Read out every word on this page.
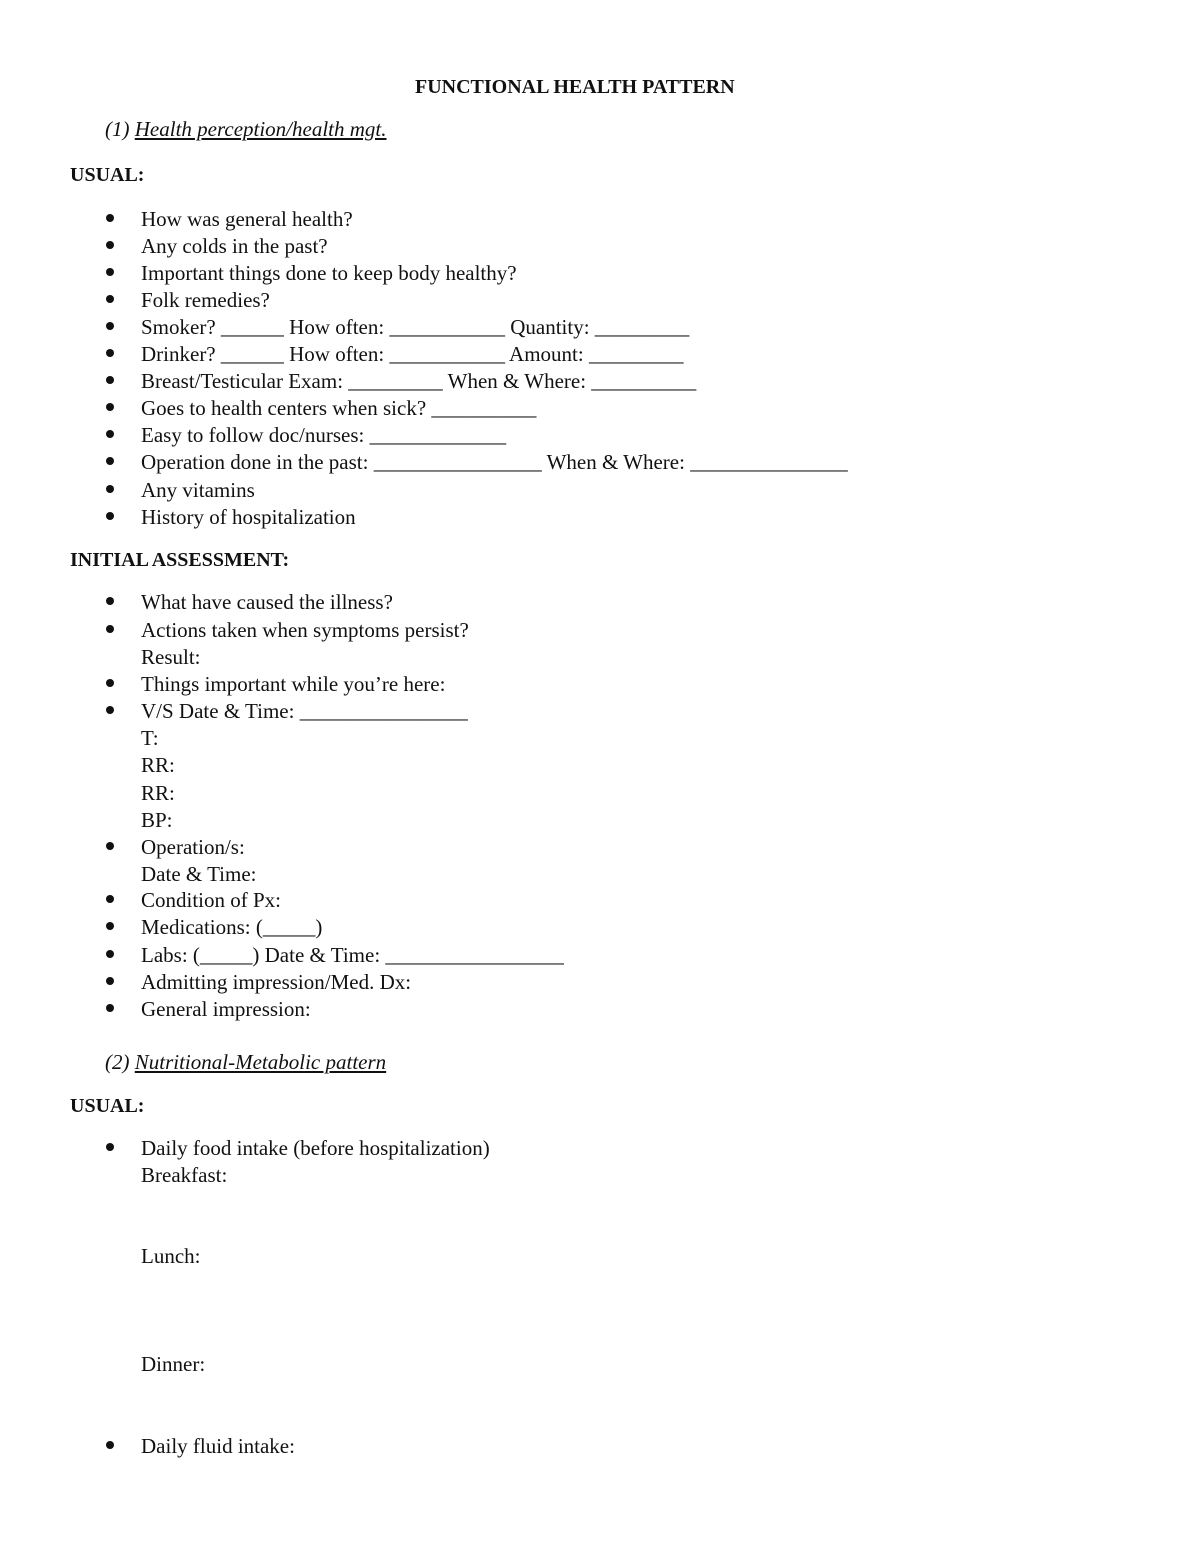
FUNCTIONAL HEALTH PATTERN
(1) Health perception/health mgt.
USUAL:
How was general health?
Any colds in the past?
Important things done to keep body healthy?
Folk remedies?
Smoker? ______ How often: ___________ Quantity: _________
Drinker? ______ How often: ___________ Amount: _________
Breast/Testicular Exam: _________ When & Where: __________
Goes to health centers when sick? __________
Easy to follow doc/nurses: _____________
Operation done in the past: ________________ When & Where: _______________
Any vitamins
History of hospitalization
INITIAL ASSESSMENT:
What have caused the illness?
Actions taken when symptoms persist?
Result:
Things important while you’re here:
V/S Date & Time: ________________
T:
RR:
RR:
BP:
Operation/s:
Date & Time:
Condition of Px:
Medications: (_____)
Labs: (_____) Date & Time: _________________
Admitting impression/Med. Dx:
General impression:
(2) Nutritional-Metabolic pattern
USUAL:
Daily food intake (before hospitalization)
Breakfast:
Lunch:
Dinner:
Daily fluid intake:
